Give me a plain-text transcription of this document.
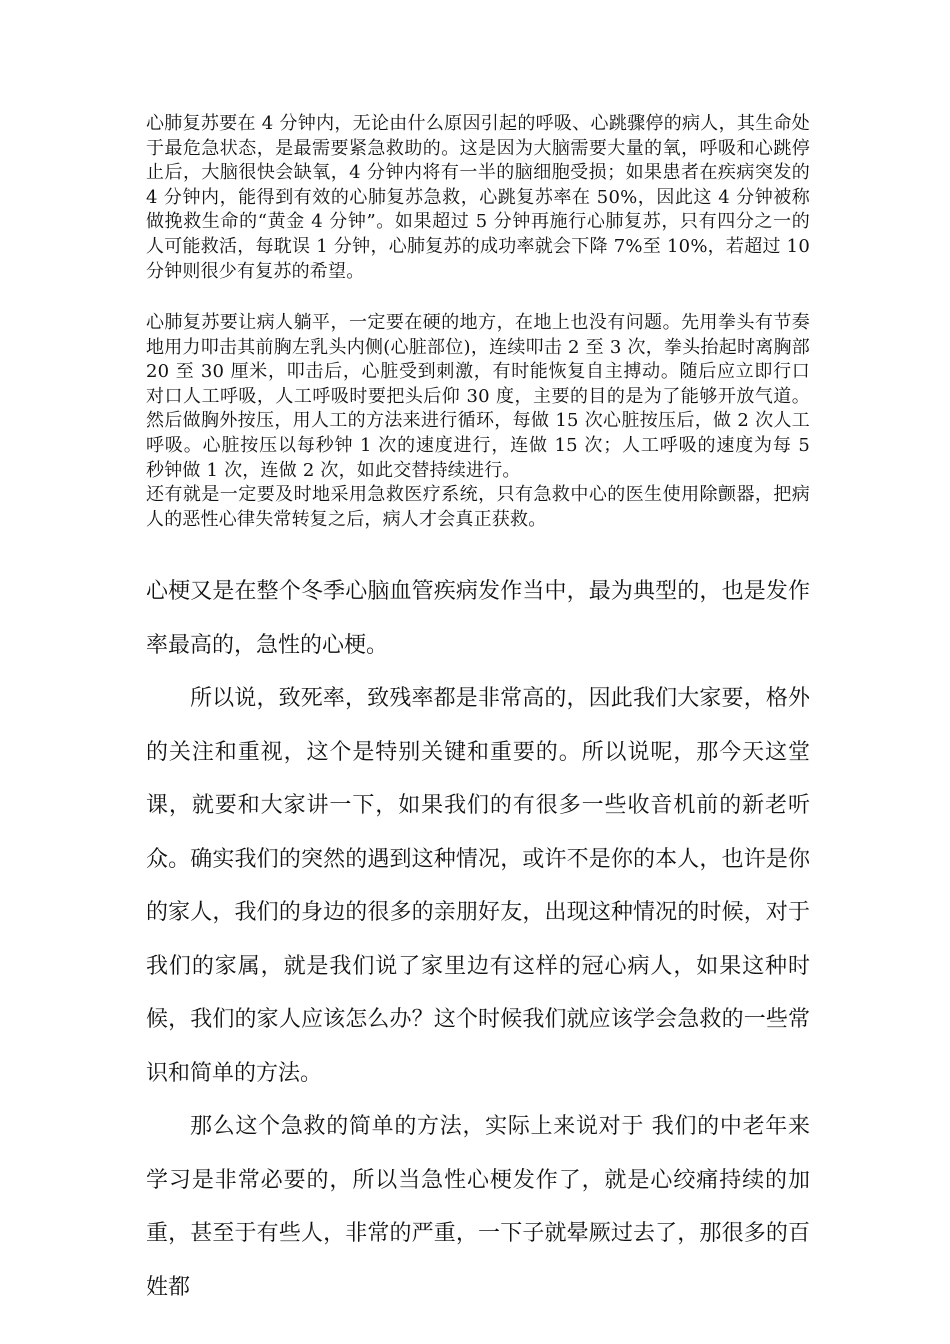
心肺复苏要在 4 分钟内，无论由什么原因引起的呼吸、心跳骤停的病人，其生命处于最危急状态，是最需要紧急救助的。这是因为大脑需要大量的氧，呼吸和心跳停止后，大脑很快会缺氧，4 分钟内将有一半的脑细胞受损；如果患者在疾病突发的 4 分钟内，能得到有效的心肺复苏急救，心跳复苏率在 50%，因此这 4 分钟被称做挽救生命的“黄金 4 分钟”。如果超过 5 分钟再施行心肺复苏，只有四分之一的人可能救活，每耽误 1 分钟，心肺复苏的成功率就会下降 7%至 10%，若超过 10 分钟则很少有复苏的希望。

心肺复苏要让病人躺平，一定要在硬的地方，在地上也没有问题。先用拳头有节奏地用力叩击其前胸左乳头内侧(心脏部位)，连续叩击 2 至 3 次，拳头抬起时离胸部 20 至 30 厘米，叩击后，心脏受到刺激，有时能恢复自主搏动。随后应立即行口对口人工呼吸，人工呼吸时要把头后仰 30 度，主要的目的是为了能够开放气道。然后做胸外按压，用人工的方法来进行循环，每做 15 次心脏按压后，做 2 次人工呼吸。心脏按压以每秒钟 1 次的速度进行，连做 15 次；人工呼吸的速度为每 5 秒钟做 1 次，连做 2 次，如此交替持续进行。

还有就是一定要及时地采用急救医疗系统，只有急救中心的医生使用除颤器，把病人的恶性心律失常转复之后，病人才会真正获救。

心梗又是在整个冬季心脑血管疾病发作当中，最为典型的，也是发作率最高的，急性的心梗。

所以说，致死率，致残率都是非常高的，因此我们大家要，格外的关注和重视，这个是特别关键和重要的。所以说呢，那今天这堂课，就要和大家讲一下，如果我们的有很多一些收音机前的新老听众。确实我们的突然的遇到这种情况，或许不是你的本人，也许是你的家人，我们的身边的很多的亲朋好友，出现这种情况的时候，对于我们的家属，就是我们说了家里边有这样的冠心病人，如果这种时候，我们的家人应该怎么办？这个时候我们就应该学会急救的一些常识和简单的方法。

那么这个急救的简单的方法，实际上来说对于 我们的中老年来学习是非常必要的，所以当急性心梗发作了，就是心绞痛持续的加重，甚至于有些人，非常的严重，一下子就晕厥过去了，那很多的百姓都
